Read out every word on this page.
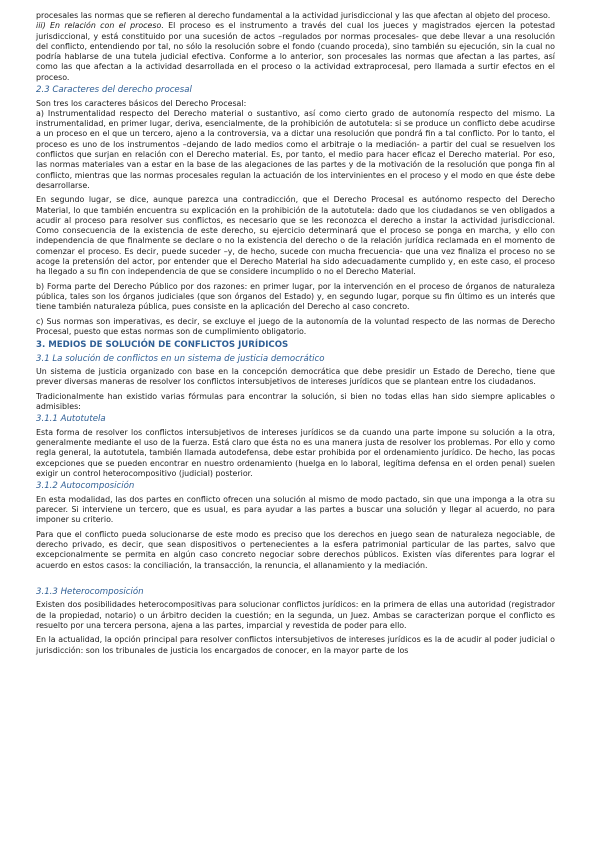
procesales las normas que se refieren al derecho fundamental a la actividad jurisdiccional y las que afectan al objeto del proceso.

iii) En relación con el proceso. El proceso es el instrumento a través del cual los jueces y magistrados ejercen la potestad jurisdiccional, y está constituido por una sucesión de actos –regulados por normas procesales- que debe llevar a una resolución del conflicto, entendiendo por tal, no sólo la resolución sobre el fondo (cuando proceda), sino también su ejecución, sin la cual no podría hablarse de una tutela judicial efectiva. Conforme a lo anterior, son procesales las normas que afectan a las partes, así como las que afectan a la actividad desarrollada en el proceso o la actividad extraprocesal, pero llamada a surtir efectos en el proceso.

2.3 Caracteres del derecho procesal

Son tres los caracteres básicos del Derecho Procesal:

a) Instrumentalidad respecto del Derecho material o sustantivo, así como cierto grado de autonomía respecto del mismo. La instrumentalidad, en primer lugar, deriva, esencialmente, de la prohibición de autotutela: si se produce un conflicto debe acudirse a un proceso en el que un tercero, ajeno a la controversia, va a dictar una resolución que pondrá fin a tal conflicto. Por lo tanto, el proceso es uno de los instrumentos –dejando de lado medios como el arbitraje o la mediación- a partir del cual se resuelven los conflictos que surjan en relación con el Derecho material. Es, por tanto, el medio para hacer eficaz el Derecho material. Por eso, las normas materiales van a estar en la base de las alegaciones de las partes y de la motivación de la resolución que ponga fin al conflicto, mientras que las normas procesales regulan la actuación de los intervinientes en el proceso y el modo en que éste debe desarrollarse.

En segundo lugar, se dice, aunque parezca una contradicción, que el Derecho Procesal es autónomo respecto del Derecho Material, lo que también encuentra su explicación en la prohibición de la autotutela: dado que los ciudadanos se ven obligados a acudir al proceso para resolver sus conflictos, es necesario que se les reconozca el derecho a instar la actividad jurisdiccional. Como consecuencia de la existencia de este derecho, su ejercicio determinará que el proceso se ponga en marcha, y ello con independencia de que finalmente se declare o no la existencia del derecho o de la relación jurídica reclamada en el momento de comenzar el proceso. Es decir, puede suceder –y, de hecho, sucede con mucha frecuencia- que una vez finaliza el proceso no se acoge la pretensión del actor, por entender que el Derecho Material ha sido adecuadamente cumplido y, en este caso, el proceso ha llegado a su fin con independencia de que se considere incumplido o no el Derecho Material.

b) Forma parte del Derecho Público por dos razones: en primer lugar, por la intervención en el proceso de órganos de naturaleza pública, tales son los órganos judiciales (que son órganos del Estado) y, en segundo lugar, porque su fin último es un interés que tiene también naturaleza pública, pues consiste en la aplicación del Derecho al caso concreto.

c) Sus normas son imperativas, es decir, se excluye el juego de la autonomía de la voluntad respecto de las normas de Derecho Procesal, puesto que estas normas son de cumplimiento obligatorio.

3. MEDIOS DE SOLUCIÓN DE CONFLICTOS JURÍDICOS
3.1 La solución de conflictos en un sistema de justicia democrático

Un sistema de justicia organizado con base en la concepción democrática que debe presidir un Estado de Derecho, tiene que prever diversas maneras de resolver los conflictos intersubjetivos de intereses jurídicos que se plantean entre los ciudadanos.

Tradicionalmente han existido varias fórmulas para encontrar la solución, si bien no todas ellas han sido siempre aplicables o admisibles:

3.1.1 Autotutela

Esta forma de resolver los conflictos intersubjetivos de intereses jurídicos se da cuando una parte impone su solución a la otra, generalmente mediante el uso de la fuerza. Está claro que ésta no es una manera justa de resolver los problemas. Por ello y como regla general, la autotutela, también llamada autodefensa, debe estar prohibida por el ordenamiento jurídico. De hecho, las pocas excepciones que se pueden encontrar en nuestro ordenamiento (huelga en lo laboral, legítima defensa en el orden penal) suelen exigir un control heterocompositivo (judicial) posterior.

3.1.2 Autocomposición

En esta modalidad, las dos partes en conflicto ofrecen una solución al mismo de modo pactado, sin que una imponga a la otra su parecer. Si interviene un tercero, que es usual, es para ayudar a las partes a buscar una solución y llegar al acuerdo, no para imponer su criterio.

Para que el conflicto pueda solucionarse de este modo es preciso que los derechos en juego sean de naturaleza negociable, de derecho privado, es decir, que sean dispositivos o pertenecientes a la esfera patrimonial particular de las partes, salvo que excepcionalmente se permita en algún caso concreto negociar sobre derechos públicos. Existen vías diferentes para lograr el acuerdo en estos casos: la conciliación, la transacción, la renuncia, el allanamiento y la mediación.

3.1.3 Heterocomposición

Existen dos posibilidades heterocompositivas para solucionar conflictos jurídicos: en la primera de ellas una autoridad (registrador de la propiedad, notario) o un árbitro deciden la cuestión; en la segunda, un Juez. Ambas se caracterizan porque el conflicto es resuelto por una tercera persona, ajena a las partes, imparcial y revestida de poder para ello.

En la actualidad, la opción principal para resolver conflictos intersubjetivos de intereses jurídicos es la de acudir al poder judicial o jurisdicción: son los tribunales de justicia los encargados de conocer, en la mayor parte de los
